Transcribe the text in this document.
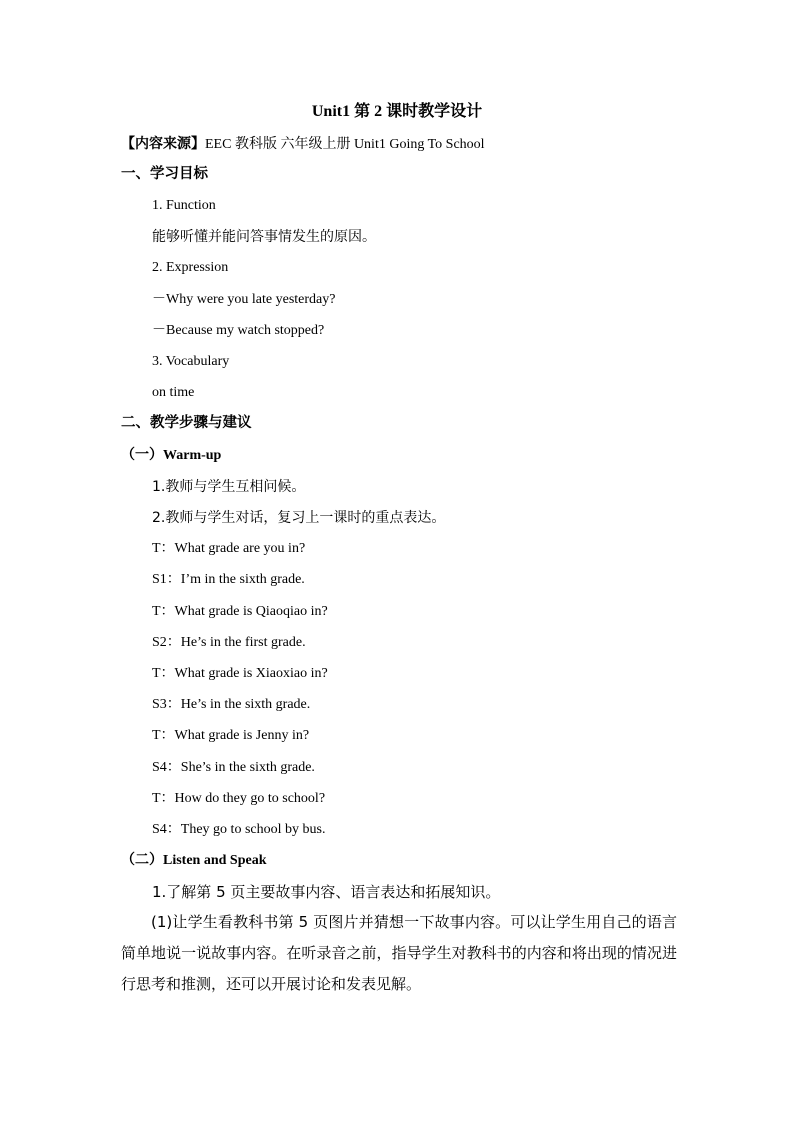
Unit1 第 2 课时教学设计
【内容来源】EEC 教科版 六年级上册 Unit1 Going To School
一、学习目标
1. Function
能够听懂并能问答事情发生的原因。
2. Expression
－Why were you late yesterday?
－Because my watch stopped?
3. Vocabulary
on time
二、教学步骤与建议
（一）Warm-up
1.教师与学生互相问候。
2.教师与学生对话，复习上一课时的重点表达。
T：What grade are you in?
S1：I’m in the sixth grade.
T：What grade is Qiaoqiao in?
S2：He’s in the first grade.
T：What grade is Xiaoxiao in?
S3：He’s in the sixth grade.
T：What grade is Jenny in?
S4：She’s in the sixth grade.
T：How do they go to school?
S4：They go to school by bus.
（二）Listen and Speak
1.了解第 5 页主要故事内容、语言表达和拓展知识。
(1)让学生看教科书第 5 页图片并猜想一下故事内容。可以让学生用自己的语言简单地说一说故事内容。在听录音之前，指导学生对教科书的内容和将出现的情况进行思考和推测，还可以开展讨论和发表见解。
